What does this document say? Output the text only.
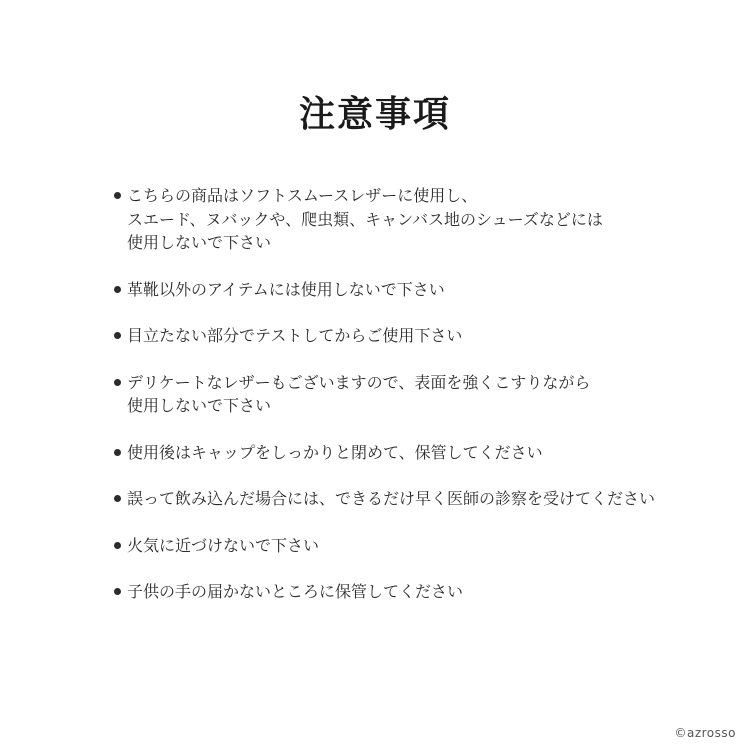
注意事項
こちらの商品はソフトスムースレザーに使用し、
スエード、ヌバックや、爬虫類、キャンバス地のシューズなどには
使用しないで下さい
革靴以外のアイテムには使用しないで下さい
目立たない部分でテストしてからご使用下さい
デリケートなレザーもございますので、表面を強くこすりながら
使用しないで下さい
使用後はキャップをしっかりと閉めて、保管してください
誤って飲み込んだ場合には、できるだけ早く医師の診察を受けてください
火気に近づけないで下さい
子供の手の届かないところに保管してください
©azrosso
